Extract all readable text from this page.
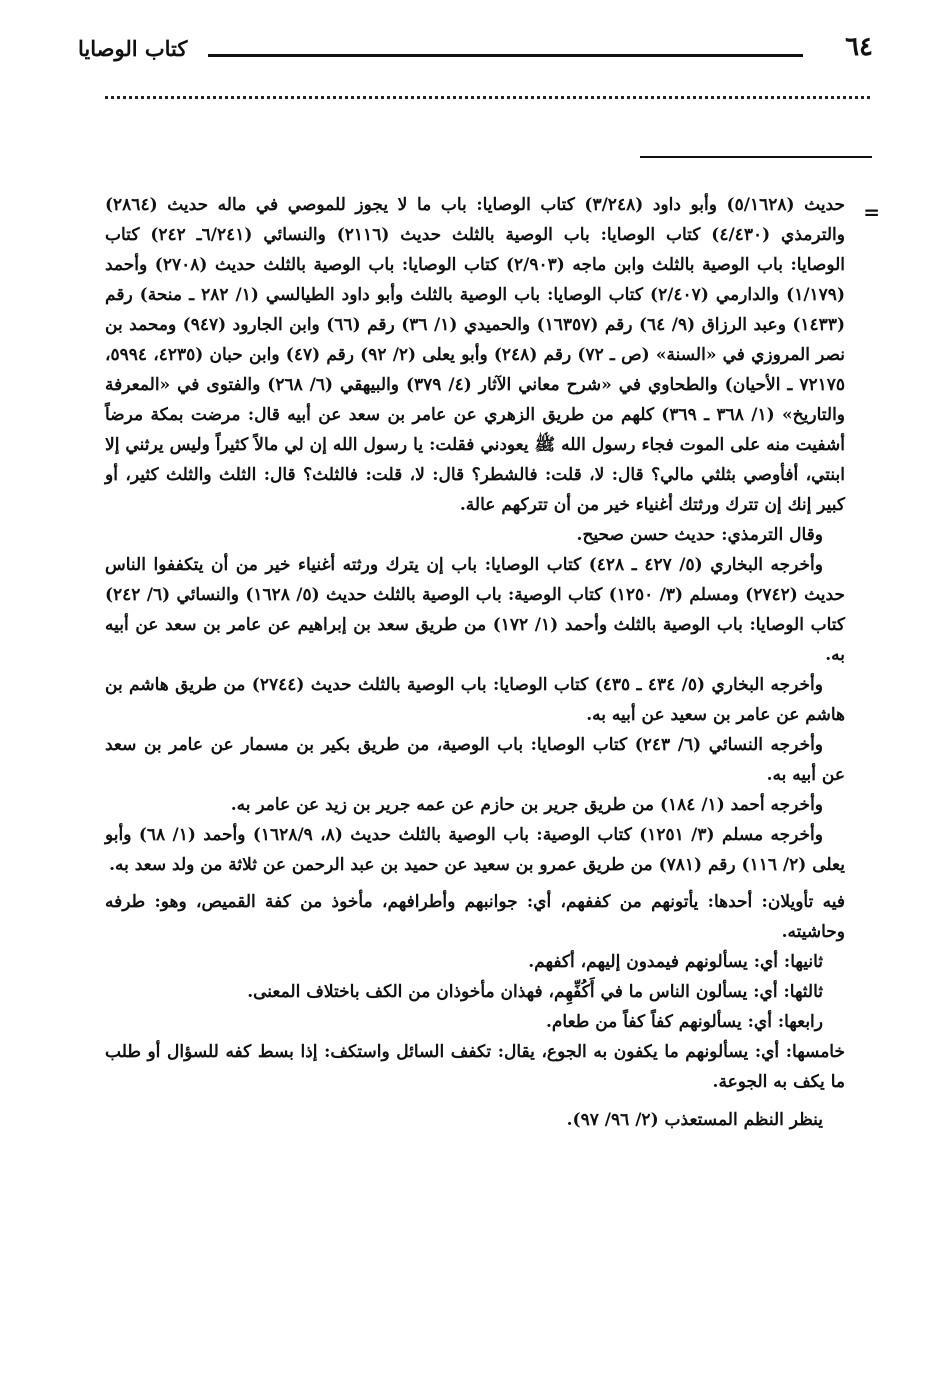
٦٤
كتاب الوصايا
=

حديث (٥/١٦٢٨) وأبو داود (٣/٢٤٨) كتاب الوصايا: باب ما لا يجوز للموصي في ماله حديث (٢٨٦٤) والترمذي (٤/٤٣٠) كتاب الوصايا: باب الوصية بالثلث حديث (٢١١٦) والنسائي (٦/٢٤١ـ ٢٤٢) كتاب الوصايا: باب الوصية بالثلث وابن ماجه (٢/٩٠٣) كتاب الوصايا: باب الوصية بالثلث حديث (٢٧٠٨) وأحمد (١/١٧٩) والدارمي (٢/٤٠٧) كتاب الوصايا: باب الوصية بالثلث وأبو داود الطيالسي (١/ ٢٨٢ ـ منحة) رقم (١٤٣٣) وعبد الرزاق (٩/ ٦٤) رقم (١٦٣٥٧) والحميدي (١/ ٣٦) رقم (٦٦) وابن الجارود (٩٤٧) ومحمد بن نصر المروزي في «السنة» (ص ـ ٧٢) رقم (٢٤٨) وأبو يعلى (٢/ ٩٢) رقم (٤٧) وابن حبان (٤٢٣٥، ٥٩٩٤، ٧٢١٧٥ ـ الأحيان) والطحاوي في «شرح معاني الآثار (٤/ ٣٧٩) والبيهقي (٦/ ٢٦٨) والفتوى في «المعرفة والتاريخ» (١/ ٣٦٨ ـ ٣٦٩) كلهم من طريق الزهري عن عامر بن سعد عن أبيه قال: مرضت بمكة مرضاً أشفيت منه على الموت فجاء رسول الله ﷺ يعودني فقلت: يا رسول الله إن لي مالاً كثيراً وليس يرثني إلا ابنتي، أفأوصي بثلثي مالي؟ قال: لا، قلت: فالشطر؟ قال: لا، قلت: فالثلث؟ قال: الثلث والثلث كثير، أو كبير إنك إن تترك ورثتك أغنياء خير من أن تتركهم عالة.

وقال الترمذي: حديث حسن صحيح.

وأخرجه البخاري (٥/ ٤٢٧ ـ ٤٢٨) كتاب الوصايا: باب إن يترك ورثته أغنياء خير من أن يتكففوا الناس حديث (٢٧٤٢) ومسلم (٣/ ١٢٥٠) كتاب الوصية: باب الوصية بالثلث حديث (٥/ ١٦٢٨) والنسائي (٦/ ٢٤٢) كتاب الوصايا: باب الوصية بالثلث وأحمد (١/ ١٧٢) من طريق سعد بن إبراهيم عن عامر بن سعد عن أبيه به.

وأخرجه البخاري (٥/ ٤٣٤ ـ ٤٣٥) كتاب الوصايا: باب الوصية بالثلث حديث (٢٧٤٤) من طريق هاشم بن هاشم عن عامر بن سعيد عن أبيه به.

وأخرجه النسائي (٦/ ٢٤٣) كتاب الوصايا: باب الوصية، من طريق بكير بن مسمار عن عامر بن سعد عن أبيه به.

وأخرجه أحمد (١/ ١٨٤) من طريق جرير بن حازم عن عمه جرير بن زيد عن عامر به.

وأخرجه مسلم (٣/ ١٢٥١) كتاب الوصية: باب الوصية بالثلث حديث (٨، ١٦٢٨/٩) وأحمد (١/ ٦٨) وأبو يعلى (٢/ ١١٦) رقم (٧٨١) من طريق عمرو بن سعيد عن حميد بن عبد الرحمن عن ثلاثة من ولد سعد به.

فيه تأويلان: أحدها: يأتونهم من كففهم، أي: جوانبهم وأطرافهم، مأخوذ من كفة القميص، وهو: طرفه وحاشيته.

ثانيها: أي: يسألونهم فيمدون إليهم، أكفهم.

ثالثها: أي: يسألون الناس ما في أَكُفِّهِم، فهذان مأخوذان من الكف باختلاف المعنى.

رابعها: أي: يسألونهم كفاً كفاً من طعام.

خامسها: أي: يسألونهم ما يكفون به الجوع، يقال: تكفف السائل واستكف: إذا بسط كفه للسؤال أو طلب ما يكف به الجوعة.

ينظر النظم المستعذب (٢/ ٩٦/ ٩٧).
